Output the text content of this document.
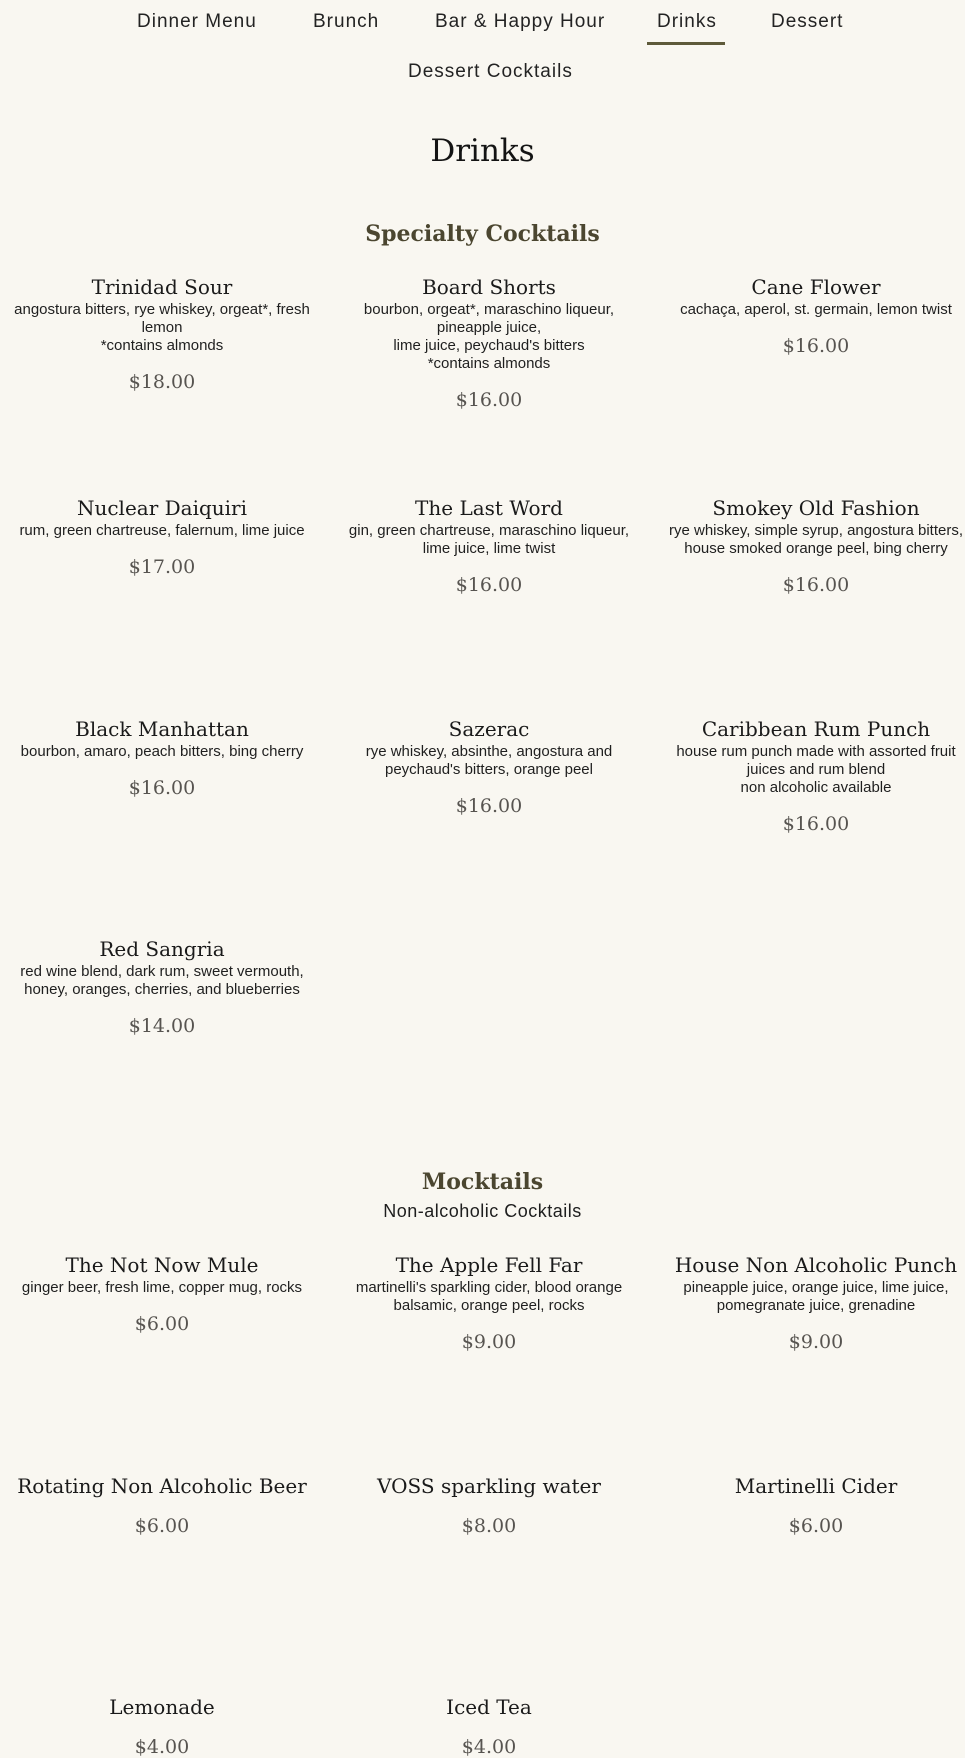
Dinner Menu	Brunch	Bar & Happy Hour	Drinks	Dessert
Dessert Cocktails
Drinks
Specialty Cocktails
Trinidad Sour
angostura bitters, rye whiskey, orgeat*, fresh lemon
*contains almonds
$18.00
Board Shorts
bourbon, orgeat*, maraschino liqueur, pineapple juice,
lime juice, peychaud's bitters
*contains almonds
$16.00
Cane Flower
cachaça, aperol, st. germain, lemon twist
$16.00
Nuclear Daiquiri
rum, green chartreuse, falernum, lime juice
$17.00
The Last Word
gin, green chartreuse, maraschino liqueur, lime juice, lime twist
$16.00
Smokey Old Fashion
rye whiskey, simple syrup, angostura bitters, house smoked orange peel, bing cherry
$16.00
Black Manhattan
bourbon, amaro, peach bitters, bing cherry
$16.00
Sazerac
rye whiskey, absinthe, angostura and peychaud's bitters, orange peel
$16.00
Caribbean Rum Punch
house rum punch made with assorted fruit juices and rum blend
non alcoholic available
$16.00
Red Sangria
red wine blend, dark rum, sweet vermouth, honey, oranges, cherries, and blueberries
$14.00
Mocktails
Non-alcoholic Cocktails
The Not Now Mule
ginger beer, fresh lime, copper mug, rocks
$6.00
The Apple Fell Far
martinelli's sparkling cider, blood orange balsamic, orange peel, rocks
$9.00
House Non Alcoholic Punch
pineapple juice, orange juice, lime juice, pomegranate juice, grenadine
$9.00
Rotating Non Alcoholic Beer
$6.00
VOSS sparkling water
$8.00
Martinelli Cider
$6.00
Lemonade
$4.00
Iced Tea
$4.00
